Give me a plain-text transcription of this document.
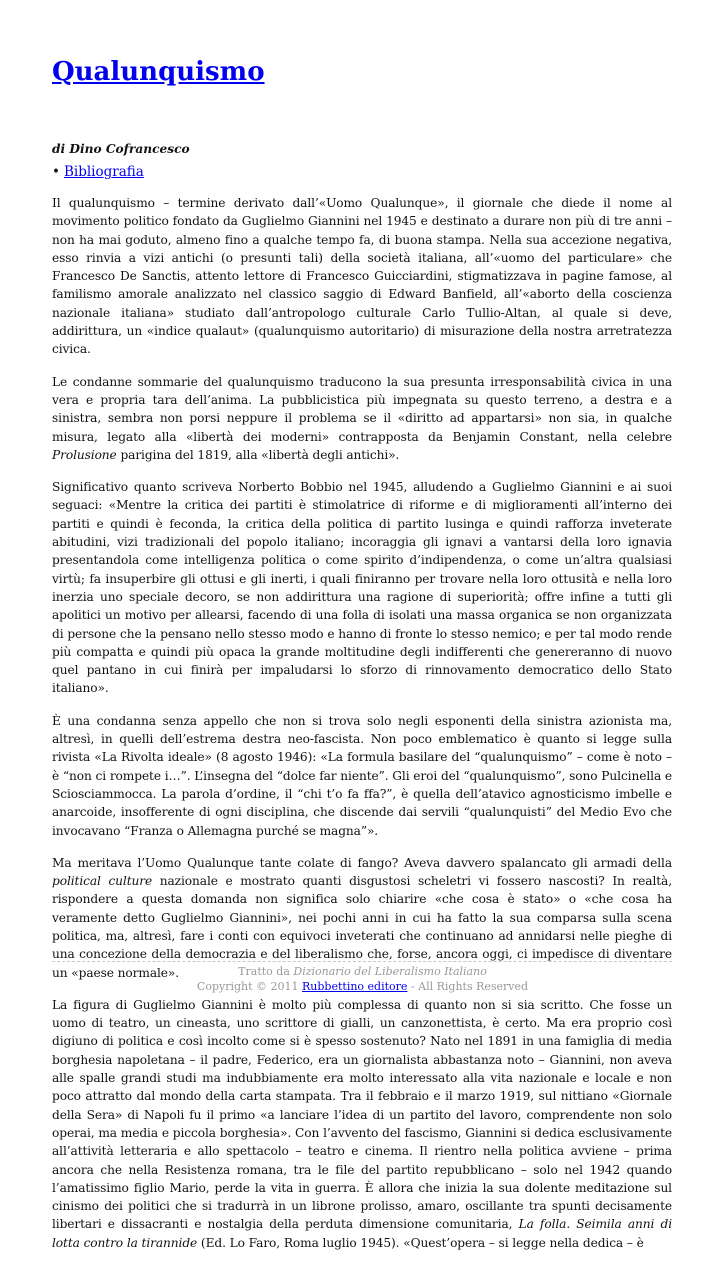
Qualunquismo
di Dino Cofrancesco
• Bibliografia

Il qualunquismo – termine derivato dall’«Uomo Qualunque», il giornale che diede il nome al movimento politico fondato da Guglielmo Giannini nel 1945 e destinato a durare non più di tre anni – non ha mai goduto, almeno fino a qualche tempo fa, di buona stampa. Nella sua accezione negativa, esso rinvia a vizi antichi (o presunti tali) della società italiana, all’«uomo del particulare» che Francesco De Sanctis, attento lettore di Francesco Guicciardini, stigmatizzava in pagine famose, al familismo amorale analizzato nel classico saggio di Edward Banfield, all’«aborto della coscienza nazionale italiana» studiato dall’antropologo culturale Carlo Tullio-Altan, al quale si deve, addirittura, un «indice qualaut» (qualunquismo autoritario) di misurazione della nostra arretratezza civica.

Le condanne sommarie del qualunquismo traducono la sua presunta irresponsabilità civica in una vera e propria tara dell’anima. La pubblicistica più impegnata su questo terreno, a destra e a sinistra, sembra non porsi neppure il problema se il «diritto ad appartarsi» non sia, in qualche misura, legato alla «libertà dei moderni» contrapposta da Benjamin Constant, nella celebre Prolusione parigina del 1819, alla «libertà degli antichi».

Significativo quanto scriveva Norberto Bobbio nel 1945, alludendo a Guglielmo Giannini e ai suoi seguaci: «Mentre la critica dei partiti è stimolatrice di riforme e di miglioramenti all’interno dei partiti e quindi è feconda, la critica della politica di partito lusinga e quindi rafforza inveterate abitudini, vizi tradizionali del popolo italiano; incoraggia gli ignavi a vantarsi della loro ignavia presentandola come intelligenza politica o come spirito d’indipendenza, o come un’altra qualsiasi virtù; fa insuperbire gli ottusi e gli inerti, i quali finiranno per trovare nella loro ottusità e nella loro inerzia uno speciale decoro, se non addirittura una ragione di superiorità; offre infine a tutti gli apolitici un motivo per allearsi, facendo di una folla di isolati una massa organica se non organizzata di persone che la pensano nello stesso modo e hanno di fronte lo stesso nemico; e per tal modo rende più compatta e quindi più opaca la grande moltitudine degli indifferenti che genereranno di nuovo quel pantano in cui finirà per impaludarsi lo sforzo di rinnovamento democratico dello Stato italiano».

È una condanna senza appello che non si trova solo negli esponenti della sinistra azionista ma, altresì, in quelli dell’estrema destra neo-fascista. Non poco emblematico è quanto si legge sulla rivista «La Rivolta ideale» (8 agosto 1946): «La formula basilare del “qualunquismo” – come è noto – è “non ci rompete i…”. L’insegna del “dolce far niente”. Gli eroi del “qualunquismo”, sono Pulcinella e Sciosciammocca. La parola d’ordine, il “chi t’o fa ffa?”, è quella dell’atavico agnosticismo imbelle e anarcoide, insofferente di ogni disciplina, che discende dai servili “qualunquisti” del Medio Evo che invocavano “Franza o Allemagna purché se magna”».

Ma meritava l’Uomo Qualunque tante colate di fango? Aveva davvero spalancato gli armadi della political culture nazionale e mostrato quanti disgustosi scheletri vi fossero nascosti? In realtà, rispondere a questa domanda non significa solo chiarire «che cosa è stato» o «che cosa ha veramente detto Guglielmo Giannini», nei pochi anni in cui ha fatto la sua comparsa sulla scena politica, ma, altresì, fare i conti con equivoci inveterati che continuano ad annidarsi nelle pieghe di una concezione della democrazia e del liberalismo che, forse, ancora oggi, ci impedisce di diventare un «paese normale».

La figura di Guglielmo Giannini è molto più complessa di quanto non si sia scritto. Che fosse un uomo di teatro, un cineasta, uno scrittore di gialli, un canzonettista, è certo. Ma era proprio così digiuno di politica e così incolto come si è spesso sostenuto? Nato nel 1891 in una famiglia di media borghesia napoletana – il padre, Federico, era un giornalista abbastanza noto – Giannini, non aveva alle spalle grandi studi ma indubbiamente era molto interessato alla vita nazionale e locale e non poco attratto dal mondo della carta stampata. Tra il febbraio e il marzo 1919, sul nittiano «Giornale della Sera» di Napoli fu il primo «a lanciare l’idea di un partito del lavoro, comprendente non solo operai, ma media e piccola borghesia». Con l’avvento del fascismo, Giannini si dedica esclusivamente all’attività letteraria e allo spettacolo – teatro e cinema. Il rientro nella politica avviene – prima ancora che nella Resistenza romana, tra le file del partito repubblicano – solo nel 1942 quando l’amatissimo figlio Mario, perde la vita in guerra. È allora che inizia la sua dolente meditazione sul cinismo dei politici che si tradurrà in un librone prolisso, amaro, oscillante tra spunti decisamente libertari e dissacranti e nostalgia della perduta dimensione comunitaria, La folla. Seimila anni di lotta contro la tirannide (Ed. Lo Faro, Roma luglio 1945). «Quest’opera – si legge nella dedica – è

Tratto da Dizionario del Liberalismo Italiano
Copyright © 2011 Rubbettino editore - All Rights Reserved
